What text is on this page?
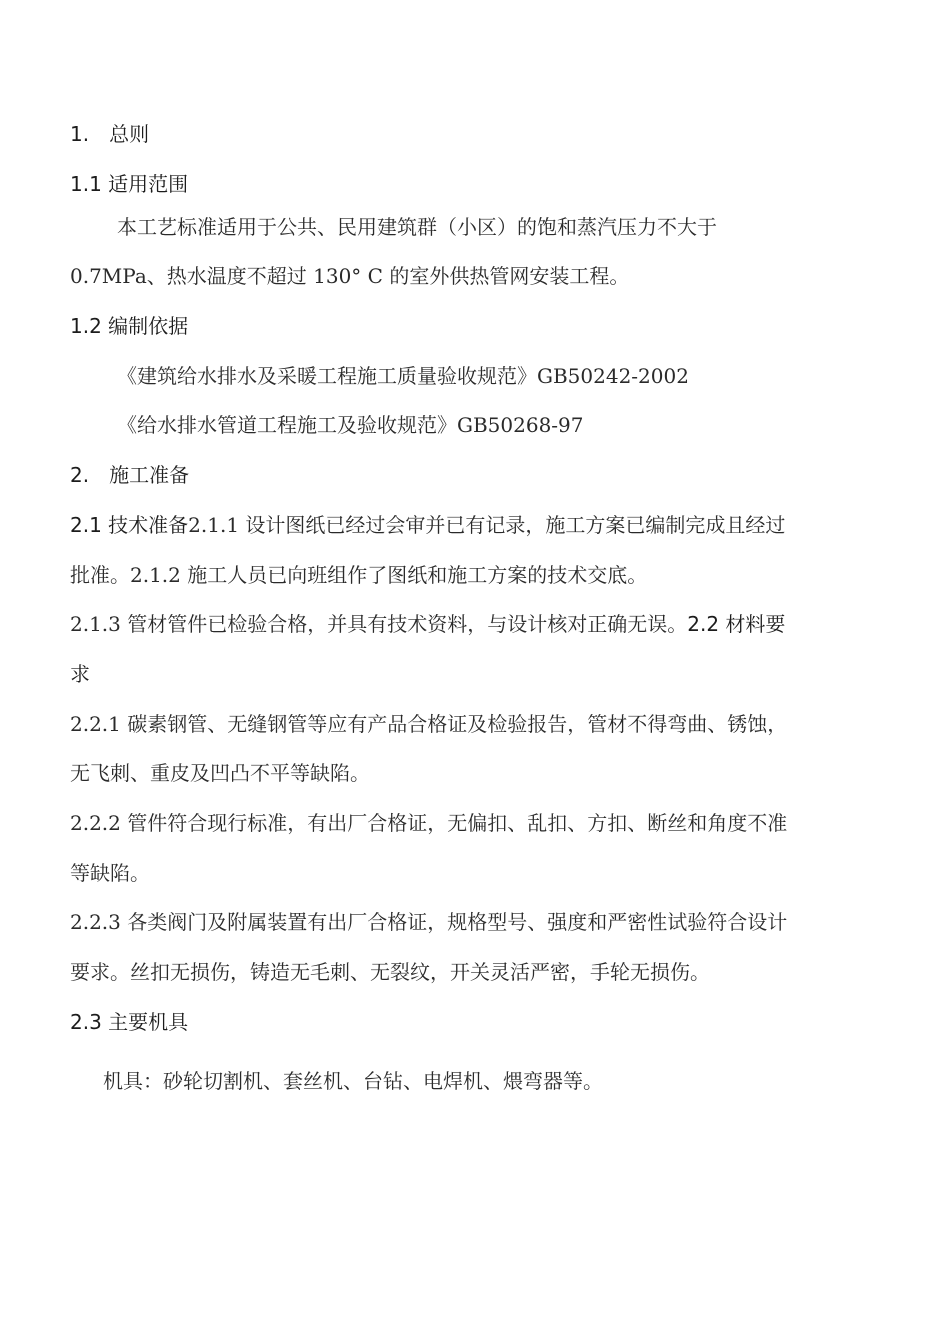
1. 总则
1.1 适用范围
本工艺标准适用于公共、民用建筑群（小区）的饱和蒸汽压力不大于
0.7MPa、热水温度不超过 130° C 的室外供热管网安装工程。
1.2 编制依据
《建筑给水排水及采暖工程施工质量验收规范》GB50242-2002
《给水排水管道工程施工及验收规范》GB50268-97
2. 施工准备
2.1 技术准备2.1.1 设计图纸已经过会审并已有记录，施工方案已编制完成且经过
批准。2.1.2 施工人员已向班组作了图纸和施工方案的技术交底。
2.1.3 管材管件已检验合格，并具有技术资料，与设计核对正确无误。2.2 材料要
求
2.2.1 碳素钢管、无缝钢管等应有产品合格证及检验报告，管材不得弯曲、锈蚀，
无飞刺、重皮及凹凸不平等缺陷。
2.2.2 管件符合现行标准，有出厂合格证，无偏扣、乱扣、方扣、断丝和角度不准
等缺陷。
2.2.3 各类阀门及附属装置有出厂合格证，规格型号、强度和严密性试验符合设计
要求。丝扣无损伤，铸造无毛刺、无裂纹，开关灵活严密，手轮无损伤。
2.3 主要机具
机具：砂轮切割机、套丝机、台钻、电焊机、煨弯器等。
